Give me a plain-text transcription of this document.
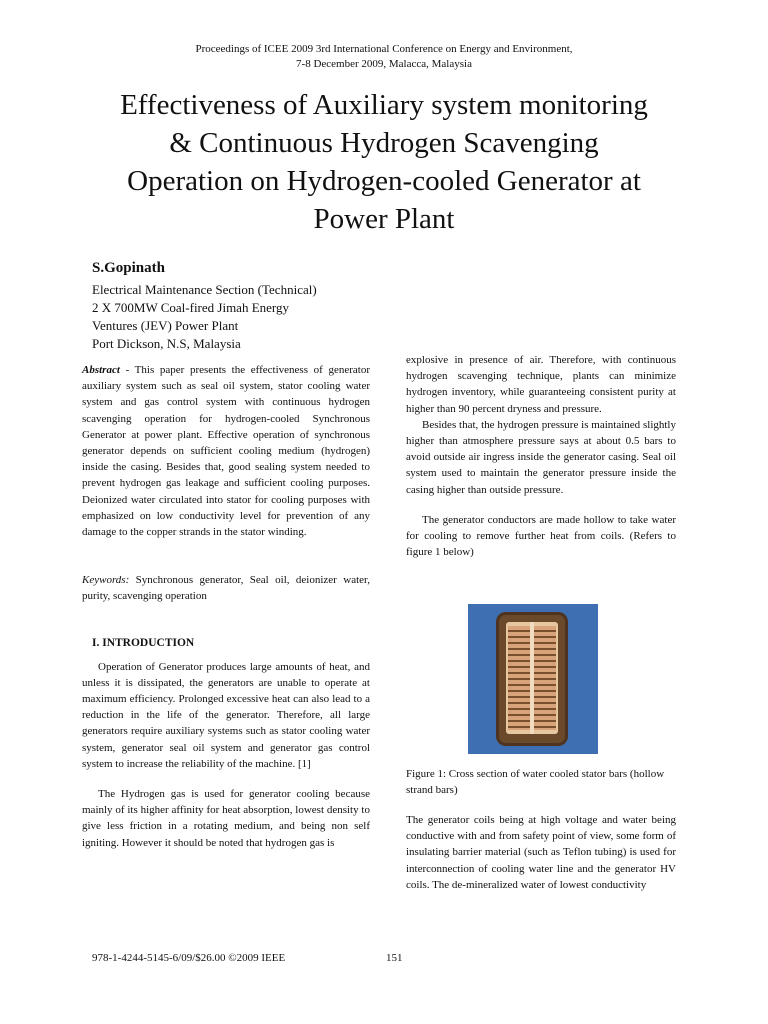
Proceedings of ICEE 2009 3rd International Conference on Energy and Environment,
7-8 December 2009, Malacca, Malaysia
Effectiveness of Auxiliary system monitoring
& Continuous Hydrogen Scavenging
Operation on Hydrogen-cooled Generator at
Power Plant
S.Gopinath
Electrical Maintenance Section (Technical)
2 X 700MW Coal-fired Jimah Energy
Ventures (JEV) Power Plant
Port Dickson, N.S, Malaysia

Abstract - This paper presents the effectiveness of generator auxiliary system such as seal oil system, stator cooling water system and gas control system with continuous hydrogen scavenging operation for hydrogen-cooled Synchronous Generator at power plant. Effective operation of synchronous generator depends on sufficient cooling medium (hydrogen) inside the casing. Besides that, good sealing system needed to prevent hydrogen gas leakage and sufficient cooling purposes. Deionized water circulated into stator for cooling purposes with emphasized on low conductivity level for prevention of any damage to the copper strands in the stator winding.

Keywords: Synchronous generator, Seal oil, deionizer water, purity, scavenging operation

I. INTRODUCTION

Operation of Generator produces large amounts of heat, and unless it is dissipated, the generators are unable to operate at maximum efficiency. Prolonged excessive heat can also lead to a reduction in the life of the generator. Therefore, all large generators require auxiliary systems such as stator cooling water system, generator seal oil system and generator gas control system to increase the reliability of the machine. [1]

The Hydrogen gas is used for generator cooling because mainly of its higher affinity for heat absorption, lowest density to give less friction in a rotating medium, and being non self igniting. However it should be noted that hydrogen gas is

explosive in presence of air. Therefore, with continuous hydrogen scavenging technique, plants can minimize hydrogen inventory, while guaranteeing consistent purity at higher than 90 percent dryness and pressure.

Besides that, the hydrogen pressure is maintained slightly higher than atmosphere pressure says at about 0.5 bars to avoid outside air ingress inside the generator casing. Seal oil system used to maintain the generator pressure inside the casing higher than outside pressure.

The generator conductors are made hollow to take water for cooling to remove further heat from coils. (Refers to figure 1 below)

Figure 1: Cross section of water cooled stator bars (hollow strand bars)

The generator coils being at high voltage and water being conductive with and from safety point of view, some form of insulating barrier material (such as Teflon tubing) is used for interconnection of cooling water line and the generator HV coils. The de-mineralized water of lowest conductivity

978-1-4244-5145-6/09/$26.00 ©2009 IEEE	151
